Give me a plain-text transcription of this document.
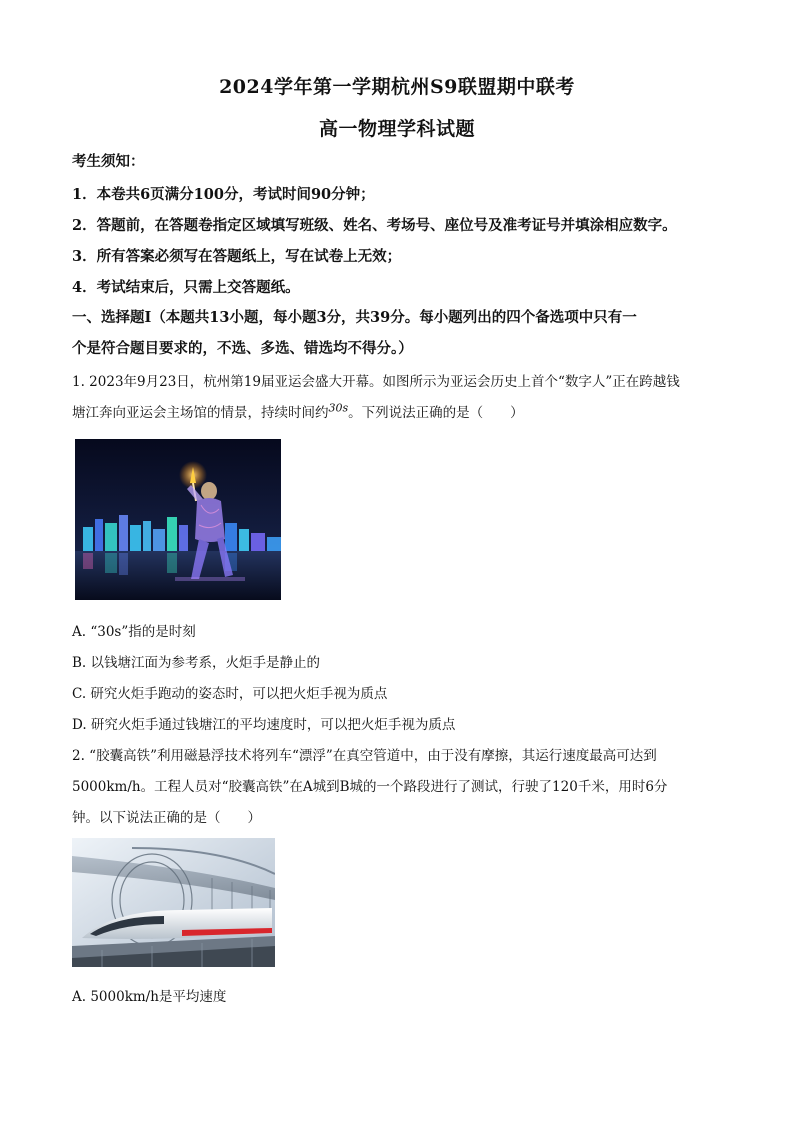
2024学年第一学期杭州S9联盟期中联考
高一物理学科试题
考生须知：
1．本卷共6页满分100分，考试时间90分钟；
2．答题前，在答题卷指定区域填写班级、姓名、考场号、座位号及准考证号并填涂相应数字。
3．所有答案必须写在答题纸上，写在试卷上无效；
4．考试结束后，只需上交答题纸。
一、选择题Ⅰ（本题共13小题，每小题3分，共39分。每小题列出的四个备选项中只有一
个是符合题目要求的，不选、多选、错选均不得分。）
1. 2023年9月23日，杭州第19届亚运会盛大开幕。如图所示为亚运会历史上首个“数字人”正在跨越钱
塘江奔向亚运会主场馆的情景，持续时间约$^{30s}$。下列说法正确的是（　　）
A. “30s”指的是时刻
B. 以钱塘江面为参考系，火炬手是静止的
C. 研究火炬手跑动的姿态时，可以把火炬手视为质点
D. 研究火炬手通过钱塘江的平均速度时，可以把火炬手视为质点
2. “胶囊高铁”利用磁悬浮技术将列车“漂浮”在真空管道中，由于没有摩擦，其运行速度最高可达到
5000km/h。工程人员对“胶囊高铁”在A城到B城的一个路段进行了测试，行驶了120千米，用时6分
钟。以下说法正确的是（　　）
A. 5000km/h是平均速度
